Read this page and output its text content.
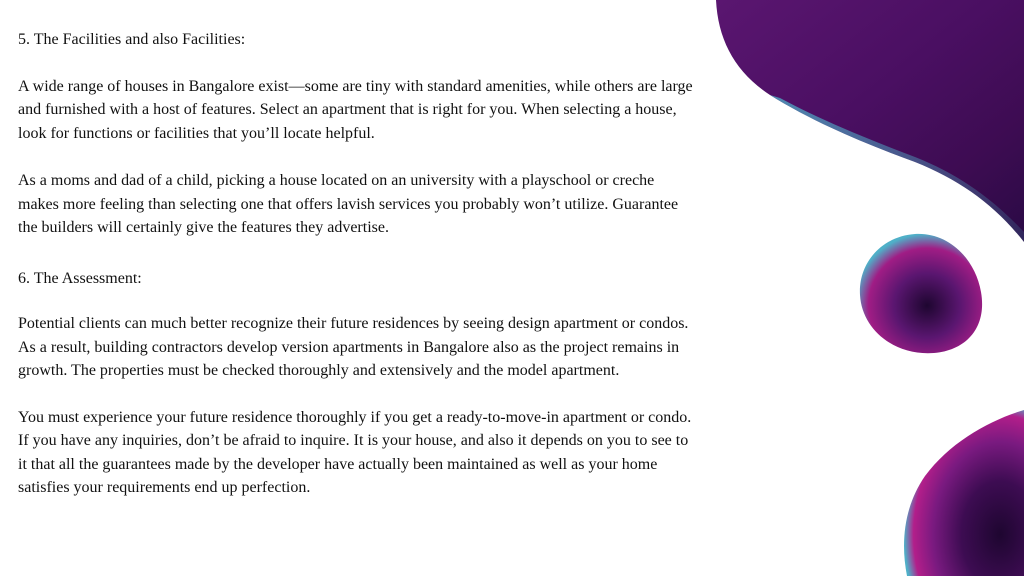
5. The Facilities and also Facilities:

A wide range of houses in Bangalore exist—some are tiny with standard amenities, while others are large and furnished with a host of features. Select an apartment that is right for you. When selecting a house, look for functions or facilities that you’ll locate helpful.

As a moms and dad of a child, picking a house located on an university with a playschool or creche makes more feeling than selecting one that offers lavish services you probably won’t utilize. Guarantee the builders will certainly give the features they advertise.

6. The Assessment:

Potential clients can much better recognize their future residences by seeing design apartment or condos. As a result, building contractors develop version apartments in Bangalore also as the project remains in growth. The properties must be checked thoroughly and extensively and the model apartment.

You must experience your future residence thoroughly if you get a ready-to-move-in apartment or condo. If you have any inquiries, don’t be afraid to inquire. It is your house, and also it depends on you to see to it that all the guarantees made by the developer have actually been maintained as well as your home satisfies your requirements end up perfection.
